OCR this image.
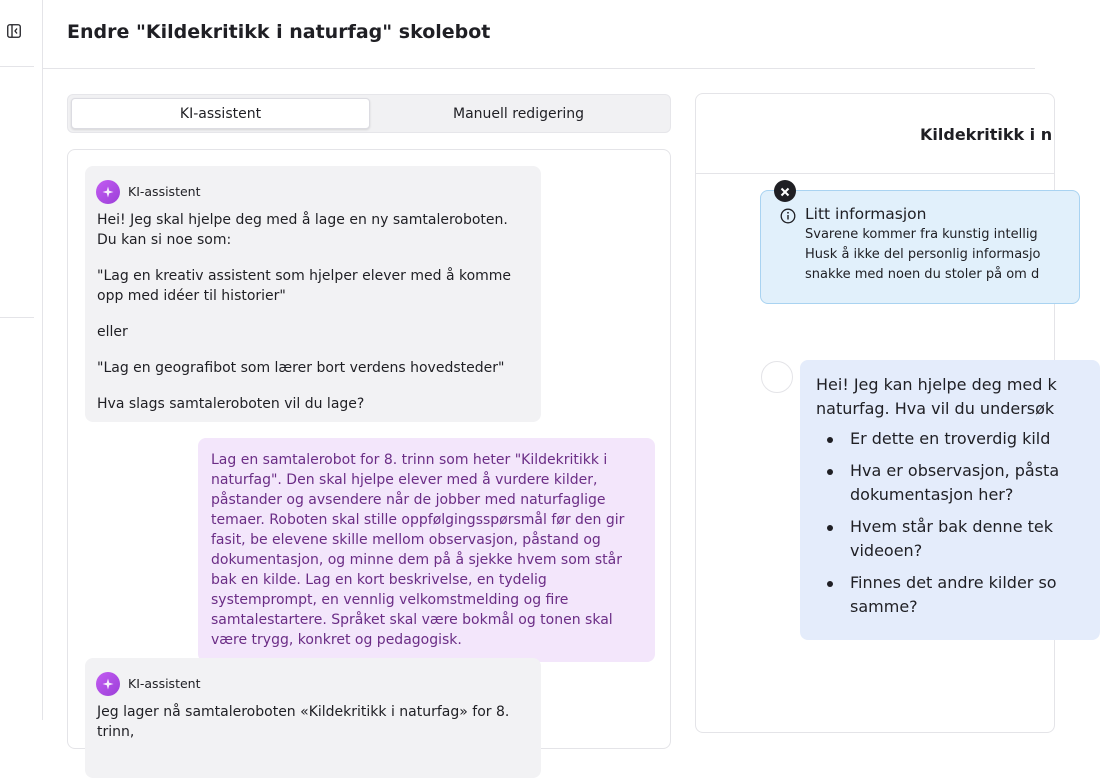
Endre "Kildekritikk i naturfag" skolebot
KI-assistent	Manuell redigering
KI-assistent

Hei! Jeg skal hjelpe deg med å lage en ny samtaleroboten. Du kan si noe som:

"Lag en kreativ assistent som hjelper elever med å komme opp med idéer til historier"

eller

"Lag en geografibot som lærer bort verdens hovedsteder"

Hva slags samtaleroboten vil du lage?

Lag en samtalerobot for 8. trinn som heter "Kildekritikk i naturfag". Den skal hjelpe elever med å vurdere kilder, påstander og avsendere når de jobber med naturfaglige temaer. Roboten skal stille oppfølgingsspørsmål før den gir fasit, be elevene skille mellom observasjon, påstand og dokumentasjon, og minne dem på å sjekke hvem som står bak en kilde. Lag en kort beskrivelse, en tydelig systemprompt, en vennlig velkomstmelding og fire samtalestartere. Språket skal være bokmål og tonen skal være trygg, konkret og pedagogisk.
KI-assistent

Jeg lager nå samtaleroboten «Kildekritikk i naturfag» for 8. trinn,

Kildekritikk i n
Litt informasjon
Svarene kommer fra kunstig intellig
Husk å ikke del personlig informasjo
snakke med noen du stoler på om d
Hei! Jeg kan hjelpe deg med k
naturfag. Hva vil du undersøk
Er dette en troverdig kild
Hva er observasjon, påsta
dokumentasjon her?
Hvem står bak denne tek
videoen?
Finnes det andre kilder so
samme?
